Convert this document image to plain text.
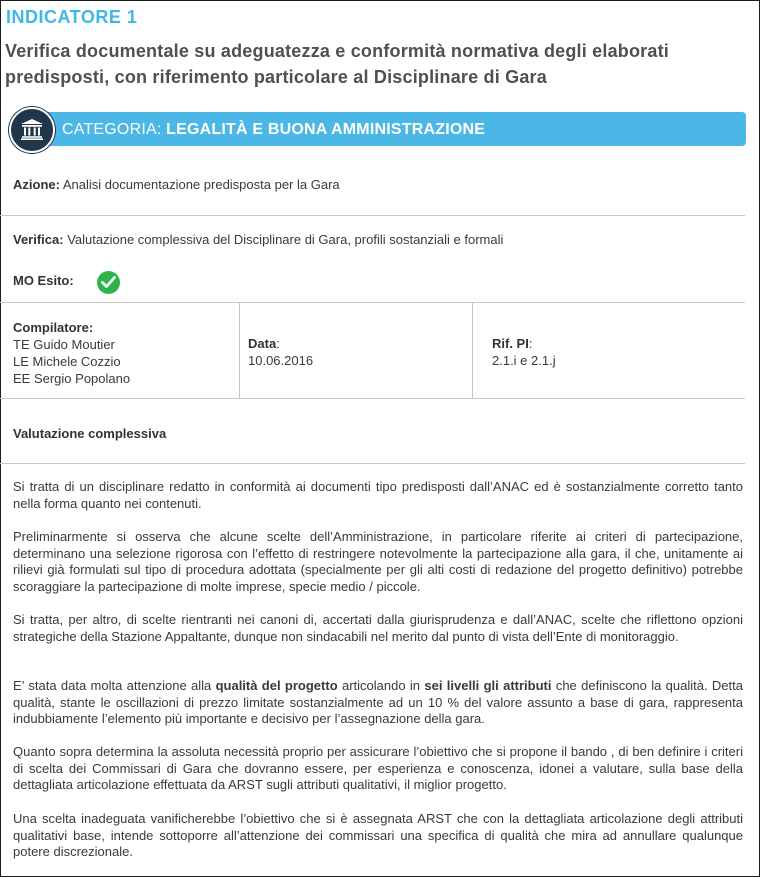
INDICATORE 1
Verifica documentale su adeguatezza e conformità normativa degli elaborati predisposti, con riferimento particolare al Disciplinare di Gara
CATEGORIA: LEGALITÀ E BUONA AMMINISTRAZIONE
Azione: Analisi documentazione predisposta per la Gara
Verifica: Valutazione complessiva del Disciplinare di Gara, profili sostanziali e formali
MO Esito:
Compilatore:
TE Guido Moutier
LE Michele Cozzio
EE Sergio Popolano
Data:
10.06.2016
Rif. PI:
2.1.i e 2.1.j
Valutazione complessiva
Si tratta di un disciplinare redatto in conformità ai documenti tipo predisposti dall’ANAC ed è sostanzialmente corretto tanto nella forma quanto nei contenuti.
Preliminarmente si osserva che alcune scelte dell’Amministrazione, in particolare riferite ai criteri di partecipazione, determinano una selezione rigorosa con l’effetto di restringere notevolmente la partecipazione alla gara, il che, unitamente ai rilievi già formulati sul tipo di procedura adottata (specialmente per gli alti costi di redazione del progetto definitivo) potrebbe scoraggiare la partecipazione di molte imprese, specie medio / piccole.
Si tratta, per altro, di scelte rientranti nei canoni di, accertati dalla giurisprudenza e dall’ANAC, scelte che riflettono opzioni strategiche della Stazione Appaltante, dunque non sindacabili nel merito dal punto di vista dell’Ente di monitoraggio.
E’ stata data molta attenzione alla qualità del progetto articolando in sei livelli gli attributi che definiscono la qualità. Detta qualità, stante le oscillazioni di prezzo limitate sostanzialmente ad un 10 % del valore assunto a base di gara, rappresenta indubbiamente l’elemento più importante e decisivo per l’assegnazione della gara.
Quanto sopra determina la assoluta necessità proprio per assicurare l’obiettivo che si propone il bando , di ben definire i criteri di scelta dei Commissari di Gara che dovranno essere, per esperienza e conoscenza, idonei a valutare, sulla base della dettagliata articolazione effettuata da ARST sugli attributi qualitativi, il miglior progetto.
Una scelta inadeguata vanificherebbe l’obiettivo che si è assegnata ARST che con la dettagliata articolazione degli attributi qualitativi base, intende sottoporre all’attenzione dei commissari una specifica di qualità che mira ad annullare qualunque potere discrezionale.
